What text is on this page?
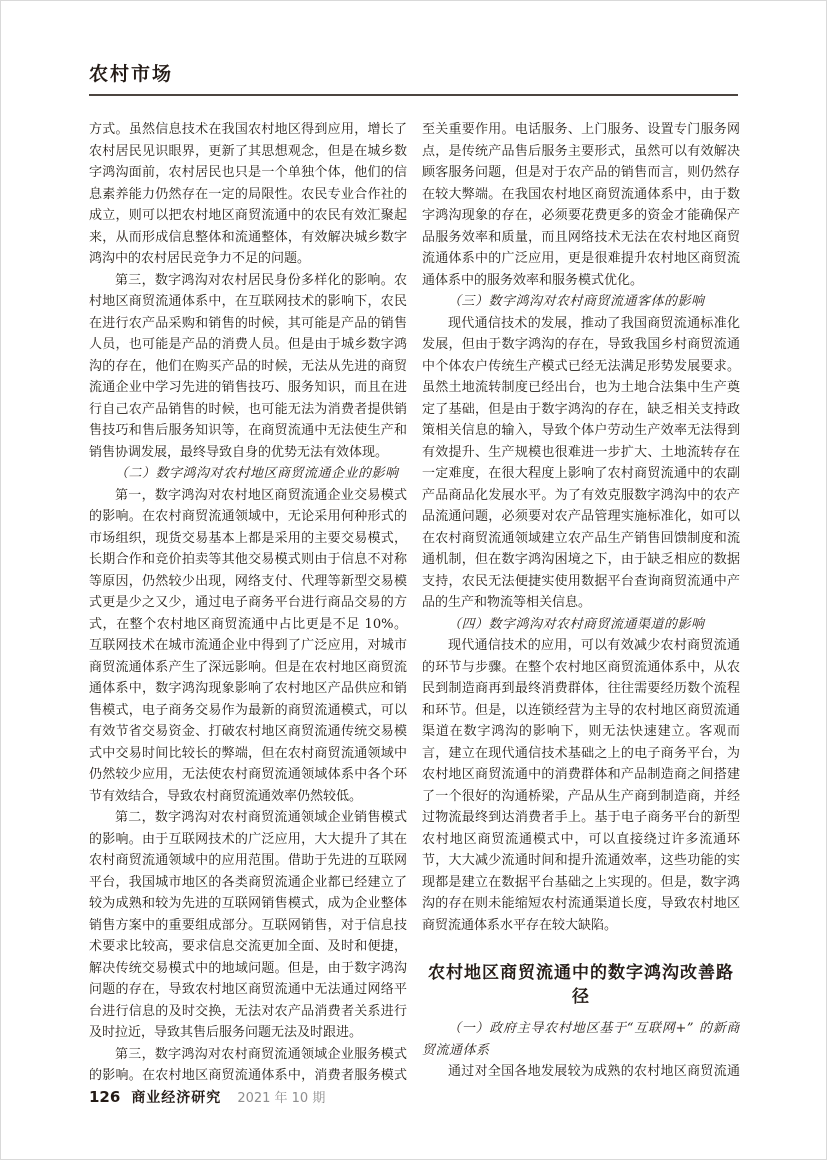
农村市场

方式。虽然信息技术在我国农村地区得到应用，增长了农村居民见识眼界，更新了其思想观念，但是在城乡数字鸿沟面前，农村居民也只是一个单独个体，他们的信息素养能力仍然存在一定的局限性。农民专业合作社的成立，则可以把农村地区商贸流通中的农民有效汇聚起来，从而形成信息整体和流通整体，有效解决城乡数字鸿沟中的农村居民竞争力不足的问题。

第三，数字鸿沟对农村居民身份多样化的影响。农村地区商贸流通体系中，在互联网技术的影响下，农民在进行农产品采购和销售的时候，其可能是产品的销售人员，也可能是产品的消费人员。但是由于城乡数字鸿沟的存在，他们在购买产品的时候，无法从先进的商贸流通企业中学习先进的销售技巧、服务知识，而且在进行自己农产品销售的时候，也可能无法为消费者提供销售技巧和售后服务知识等，在商贸流通中无法使生产和销售协调发展，最终导致自身的优势无法有效体现。

（二）数字鸿沟对农村地区商贸流通企业的影响

第一，数字鸿沟对农村地区商贸流通企业交易模式的影响。在农村商贸流通领域中，无论采用何种形式的市场组织，现货交易基本上都是采用的主要交易模式，长期合作和竞价拍卖等其他交易模式则由于信息不对称等原因，仍然较少出现，网络支付、代理等新型交易模式更是少之又少，通过电子商务平台进行商品交易的方式，在整个农村地区商贸流通中占比更是不足 10%。互联网技术在城市流通企业中得到了广泛应用，对城市商贸流通体系产生了深远影响。但是在农村地区商贸流通体系中，数字鸿沟现象影响了农村地区产品供应和销售模式，电子商务交易作为最新的商贸流通模式，可以有效节省交易资金、打破农村地区商贸流通传统交易模式中交易时间比较长的弊端，但在农村商贸流通领域中仍然较少应用，无法使农村商贸流通领域体系中各个环节有效结合，导致农村商贸流通效率仍然较低。

第二，数字鸿沟对农村商贸流通领域企业销售模式的影响。由于互联网技术的广泛应用，大大提升了其在农村商贸流通领域中的应用范围。借助于先进的互联网平台，我国城市地区的各类商贸流通企业都已经建立了较为成熟和较为先进的互联网销售模式，成为企业整体销售方案中的重要组成部分。互联网销售，对于信息技术要求比较高，要求信息交流更加全面、及时和便捷，解决传统交易模式中的地域问题。但是，由于数字鸿沟问题的存在，导致农村地区商贸流通中无法通过网络平台进行信息的及时交换，无法对农产品消费者关系进行及时拉近，导致其售后服务问题无法及时跟进。

第三，数字鸿沟对农村商贸流通领域企业服务模式的影响。在农村地区商贸流通体系中，消费者服务模式

至关重要作用。电话服务、上门服务、设置专门服务网点，是传统产品售后服务主要形式，虽然可以有效解决顾客服务问题，但是对于农产品的销售而言，则仍然存在较大弊端。在我国农村地区商贸流通体系中，由于数字鸿沟现象的存在，必须要花费更多的资金才能确保产品服务效率和质量，而且网络技术无法在农村地区商贸流通体系中的广泛应用，更是很难提升农村地区商贸流通体系中的服务效率和服务模式优化。

（三）数字鸿沟对农村商贸流通客体的影响

现代通信技术的发展，推动了我国商贸流通标准化发展，但由于数字鸿沟的存在，导致我国乡村商贸流通中个体农户传统生产模式已经无法满足形势发展要求。虽然土地流转制度已经出台，也为土地合法集中生产奠定了基础，但是由于数字鸿沟的存在，缺乏相关支持政策相关信息的输入，导致个体户劳动生产效率无法得到有效提升、生产规模也很难进一步扩大、土地流转存在一定难度，在很大程度上影响了农村商贸流通中的农副产品商品化发展水平。为了有效克服数字鸿沟中的农产品流通问题，必须要对农产品管理实施标准化，如可以在农村商贸流通领域建立农产品生产销售回馈制度和流通机制，但在数字鸿沟困境之下，由于缺乏相应的数据支持，农民无法便捷实使用数据平台查询商贸流通中产品的生产和物流等相关信息。

（四）数字鸿沟对农村商贸流通渠道的影响

现代通信技术的应用，可以有效减少农村商贸流通的环节与步骤。在整个农村地区商贸流通体系中，从农民到制造商再到最终消费群体，往往需要经历数个流程和环节。但是，以连锁经营为主导的农村地区商贸流通渠道在数字鸿沟的影响下，则无法快速建立。客观而言，建立在现代通信技术基础之上的电子商务平台，为农村地区商贸流通中的消费群体和产品制造商之间搭建了一个很好的沟通桥梁，产品从生产商到制造商，并经过物流最终到达消费者手上。基于电子商务平台的新型农村地区商贸流通模式中，可以直接绕过许多流通环节，大大减少流通时间和提升流通效率，这些功能的实现都是建立在数据平台基础之上实现的。但是，数字鸿沟的存在则未能缩短农村流通渠道长度，导致农村地区商贸流通体系水平存在较大缺陷。

农村地区商贸流通中的数字鸿沟改善路径

（一）政府主导农村地区基于“互联网+” 的新商贸流通体系

通过对全国各地发展较为成熟的农村地区商贸流通

126 商业经济研究 2021 年 10 期
